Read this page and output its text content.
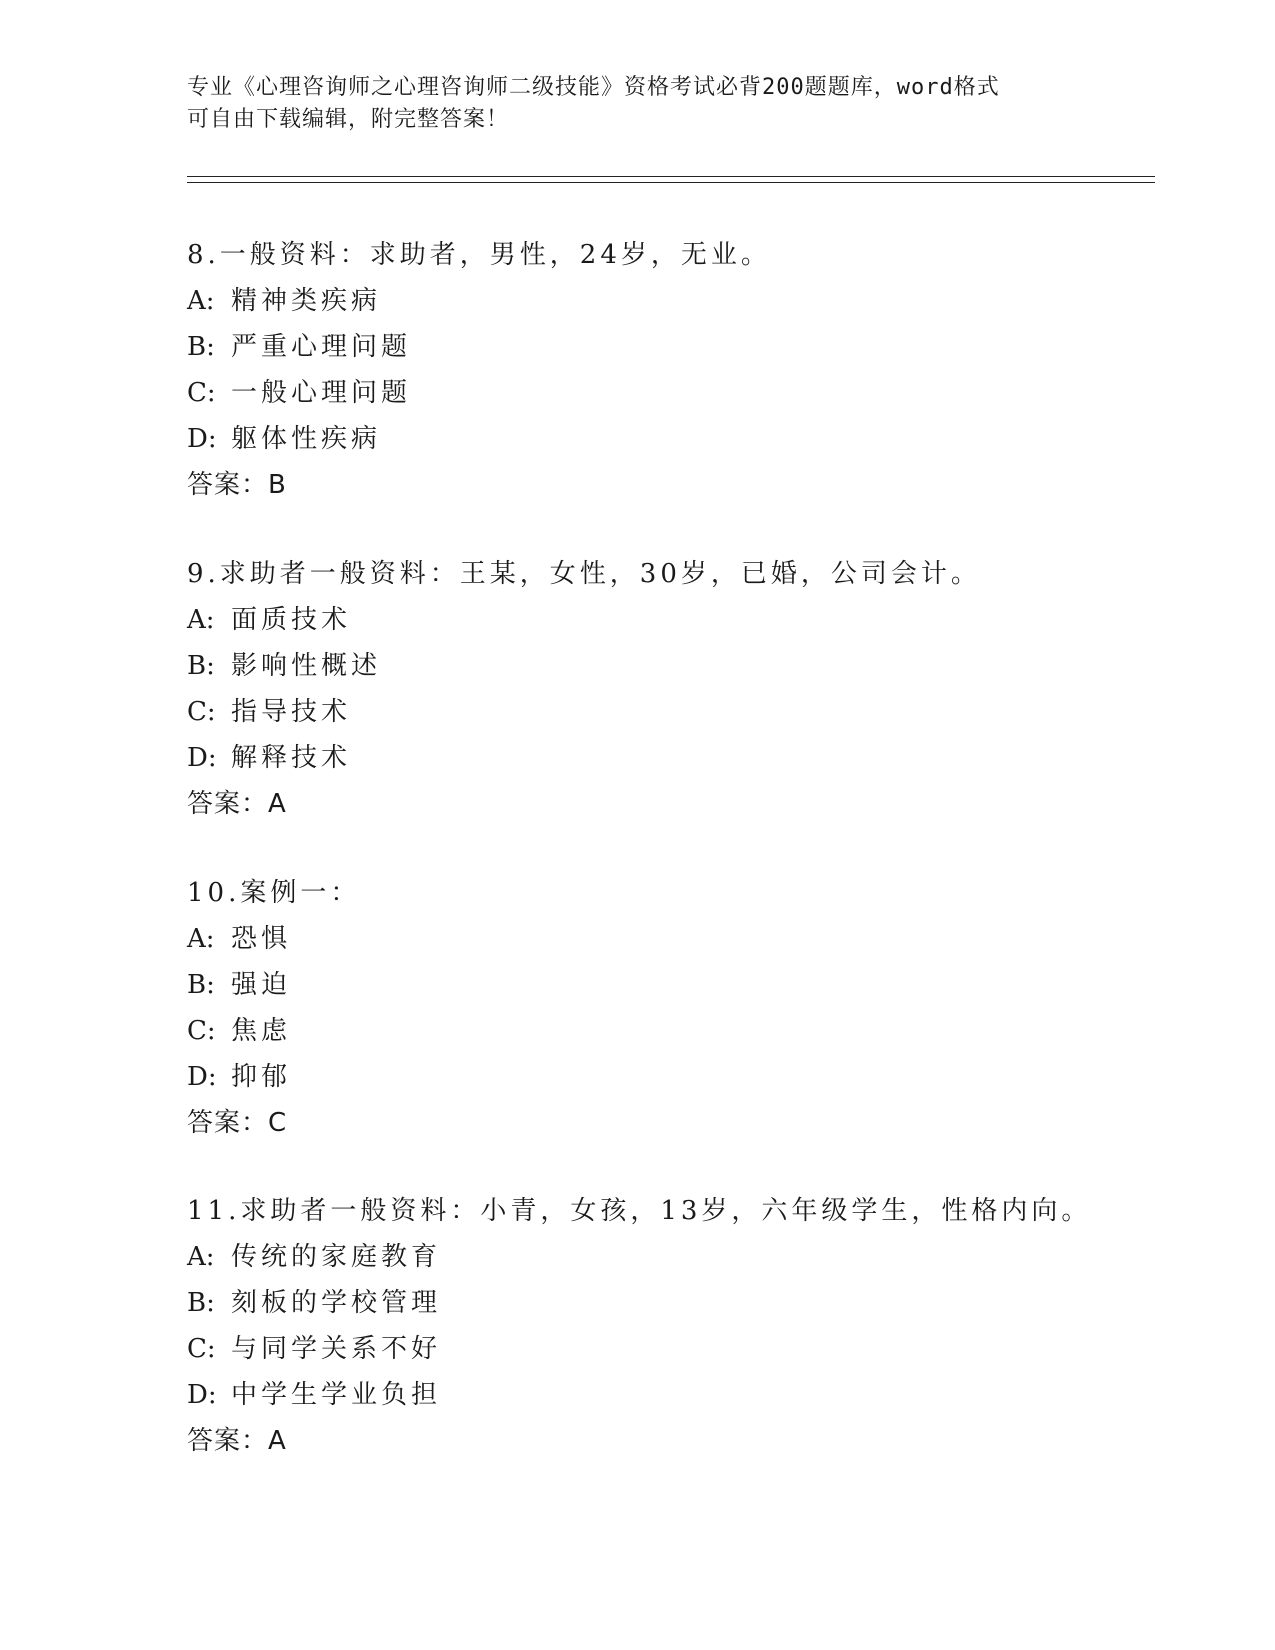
专业《心理咨询师之心理咨询师二级技能》资格考试必背200题题库，word格式
可自由下载编辑，附完整答案！
8.一般资料：求助者，男性，24岁，无业。
A: 精神类疾病
B: 严重心理问题
C: 一般心理问题
D: 躯体性疾病
答案：B
9.求助者一般资料：王某，女性，30岁，已婚，公司会计。
A: 面质技术
B: 影响性概述
C: 指导技术
D: 解释技术
答案：A
10.案例一：
A: 恐惧
B: 强迫
C: 焦虑
D: 抑郁
答案：C
11.求助者一般资料：小青，女孩，13岁，六年级学生，性格内向。
A: 传统的家庭教育
B: 刻板的学校管理
C: 与同学关系不好
D: 中学生学业负担
答案：A
